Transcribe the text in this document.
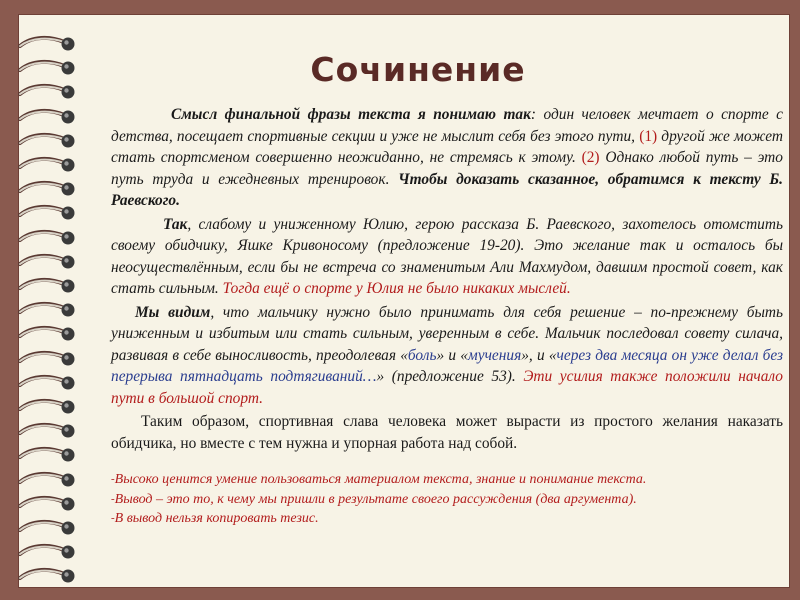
Сочинение

Смысл финальной фразы текста я понимаю так: один человек мечтает о спорте с детства, посещает спортивные секции и уже не мыслит себя без этого пути, (1) другой же может стать спортсменом совершенно неожиданно, не стремясь к этому. (2) Однако любой путь – это путь труда и ежедневных тренировок. Чтобы доказать сказанное, обратимся к тексту Б. Раевского.

Так, слабому и униженному Юлию, герою рассказа Б. Раевского, захотелось отомстить своему обидчику, Яшке Кривоносому (предложение 19-20). Это желание так и осталось бы неосуществлённым, если бы не встреча со знаменитым Али Махмудом, давшим простой совет, как стать сильным. Тогда ещё о спорте у Юлия не было никаких мыслей.

Мы видим, что мальчику нужно было принимать для себя решение – по-прежнему быть униженным и избитым или стать сильным, уверенным в себе. Мальчик последовал совету силача, развивая в себе выносливость, преодолевая «боль» и «мучения», и «через два месяца он уже делал без перерыва пятнадцать подтягиваний…» (предложение 53). Эти усилия также положили начало пути в большой спорт.

Таким образом, спортивная слава человека может вырасти из простого желания наказать обидчика, но вместе с тем нужна и упорная работа над собой.

-Высоко ценится умение пользоваться материалом текста, знание и понимание текста.
-Вывод – это то, к чему мы пришли в результате своего рассуждения (два аргумента).
-В вывод нельзя копировать тезис.
